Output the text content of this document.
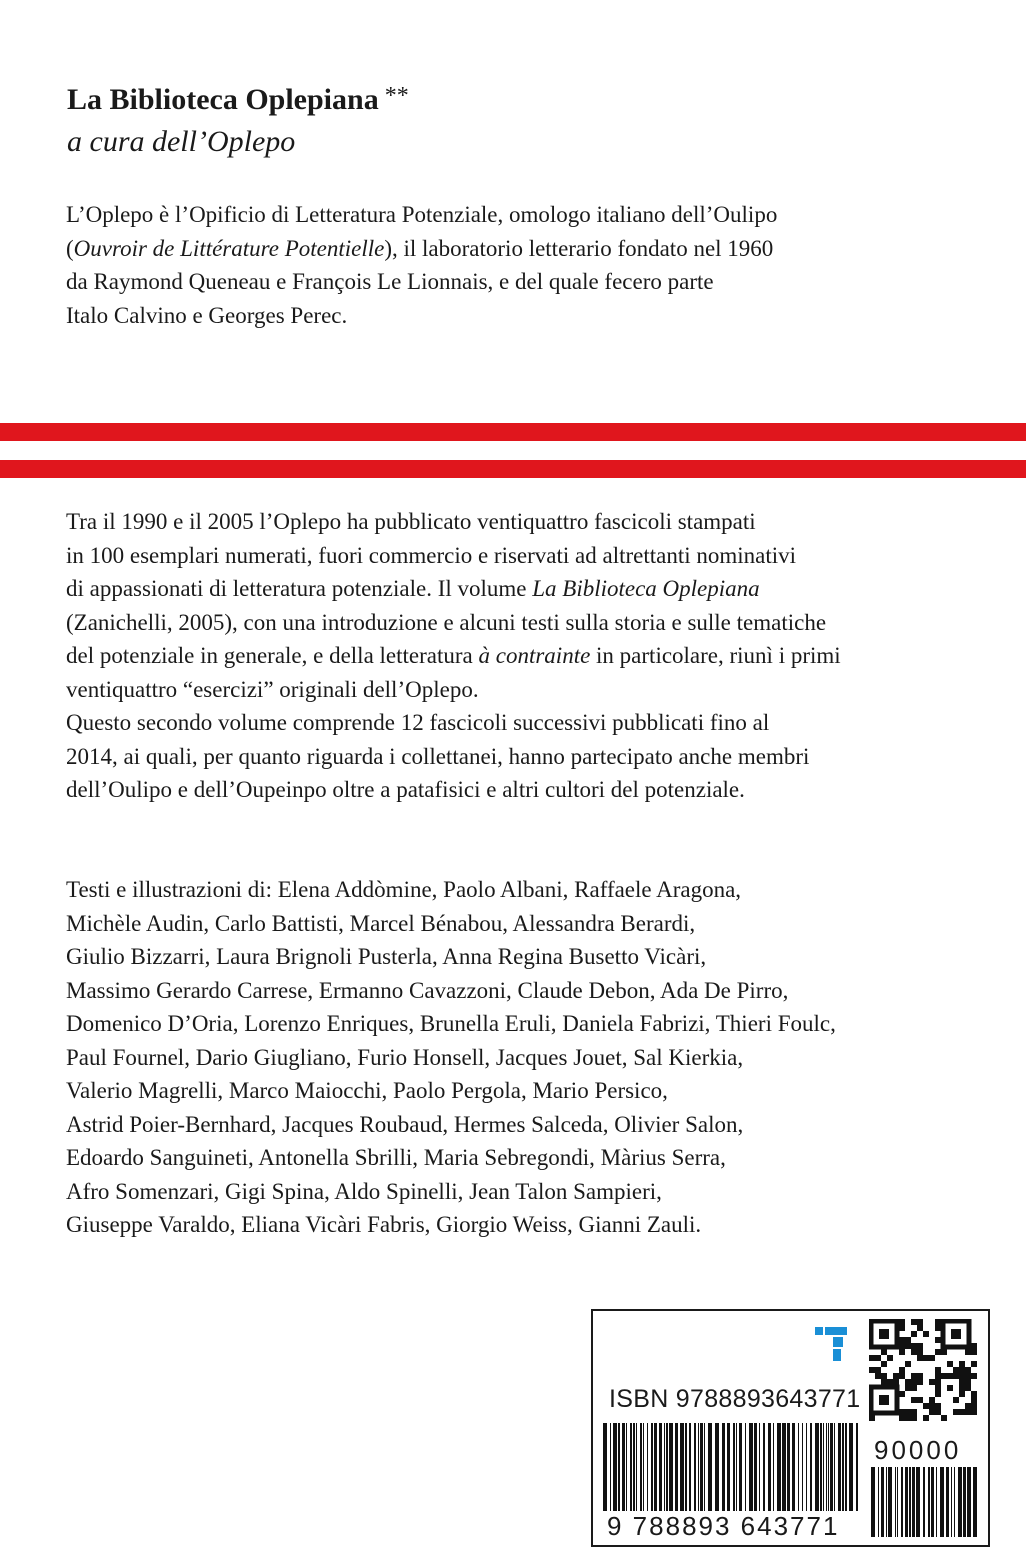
La Biblioteca Oplepiana **
a cura dell’Oplepo

L’Oplepo è l’Opificio di Letteratura Potenziale, omologo italiano dell’Oulipo

(Ouvroir de Littérature Potentielle), il laboratorio letterario fondato nel 1960

da Raymond Queneau e François Le Lionnais, e del quale fecero parte

Italo Calvino e Georges Perec.

Tra il 1990 e il 2005 l’Oplepo ha pubblicato ventiquattro fascicoli stampati

in 100 esemplari numerati, fuori commercio e riservati ad altrettanti nominativi

di appassionati di letteratura potenziale. Il volume La Biblioteca Oplepiana

(Zanichelli, 2005), con una introduzione e alcuni testi sulla storia e sulle tematiche

del potenziale in generale, e della letteratura à contrainte in particolare, riunì i primi

ventiquattro “esercizi” originali dell’Oplepo.

Questo secondo volume comprende 12 fascicoli successivi pubblicati fino al

2014, ai quali, per quanto riguarda i collettanei, hanno partecipato anche membri

dell’Oulipo e dell’Oupeinpo oltre a patafisici e altri cultori del potenziale.

Testi e illustrazioni di: Elena Addòmine, Paolo Albani, Raffaele Aragona,

Michèle Audin, Carlo Battisti, Marcel Bénabou, Alessandra Berardi,

Giulio Bizzarri, Laura Brignoli Pusterla, Anna Regina Busetto Vicàri,

Massimo Gerardo Carrese, Ermanno Cavazzoni, Claude Debon, Ada De Pirro,

Domenico D’Oria, Lorenzo Enriques, Brunella Eruli, Daniela Fabrizi, Thieri Foulc,

Paul Fournel, Dario Giugliano, Furio Honsell, Jacques Jouet, Sal Kierkia,

Valerio Magrelli, Marco Maiocchi, Paolo Pergola, Mario Persico,

Astrid Poier-Bernhard, Jacques Roubaud, Hermes Salceda, Olivier Salon,

Edoardo Sanguineti, Antonella Sbrilli, Maria Sebregondi, Màrius Serra,

Afro Somenzari, Gigi Spina, Aldo Spinelli, Jean Talon Sampieri,

Giuseppe Varaldo, Eliana Vicàri Fabris, Giorgio Weiss, Gianni Zauli.

ISBN 9788893643771
90000
9 788893 643771
